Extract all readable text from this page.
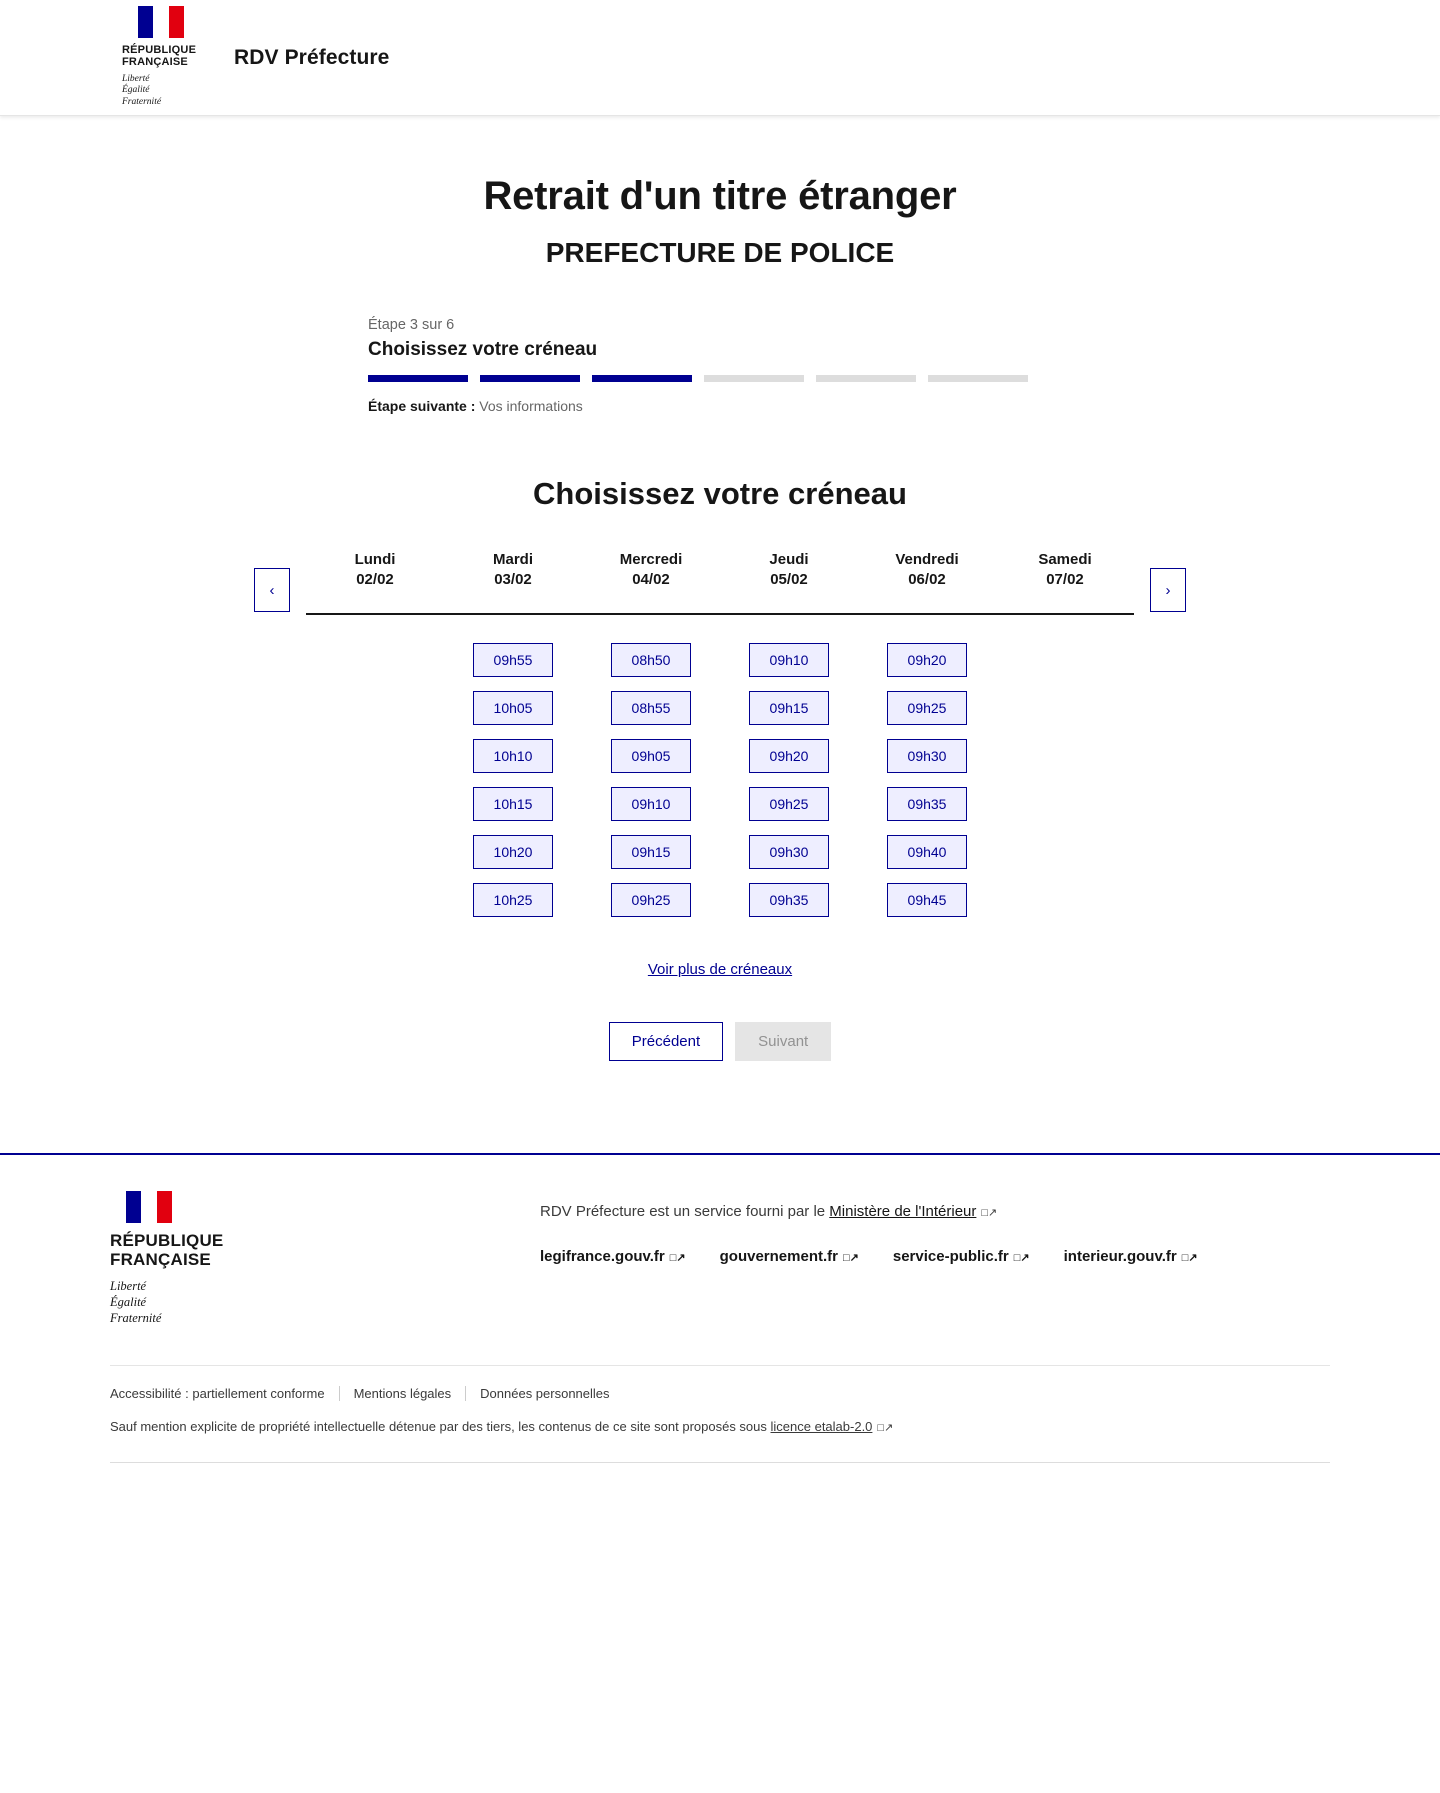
RÉPUBLIQUE
FRANÇAISE
Liberté
Égalité
Fraternité
RDV Préfecture
Retrait d'un titre étranger
PREFECTURE DE POLICE
Étape 3 sur 6
Choisissez votre créneau
Étape suivante : Vos informations
Choisissez votre créneau
‹
Lundi
02/02
Mardi
03/02
09h55
10h05
10h10
10h15
10h20
10h25
Mercredi
04/02
08h50
08h55
09h05
09h10
09h15
09h25
Jeudi
05/02
09h10
09h15
09h20
09h25
09h30
09h35
Vendredi
06/02
09h20
09h25
09h30
09h35
09h40
09h45
Samedi
07/02
›
Voir plus de créneaux
Précédent	Suivant
RÉPUBLIQUE
FRANÇAISE
Liberté
Égalité
Fraternité
RDV Préfecture est un service fourni par le Ministère de l'Intérieur □↗
legifrance.gouv.fr □↗ gouvernement.fr □↗ service-public.fr □↗ interieur.gouv.fr □↗
Accessibilité : partiellement conforme Mentions légales Données personnelles
Sauf mention explicite de propriété intellectuelle détenue par des tiers, les contenus de ce site sont proposés sous licence etalab-2.0 □↗
